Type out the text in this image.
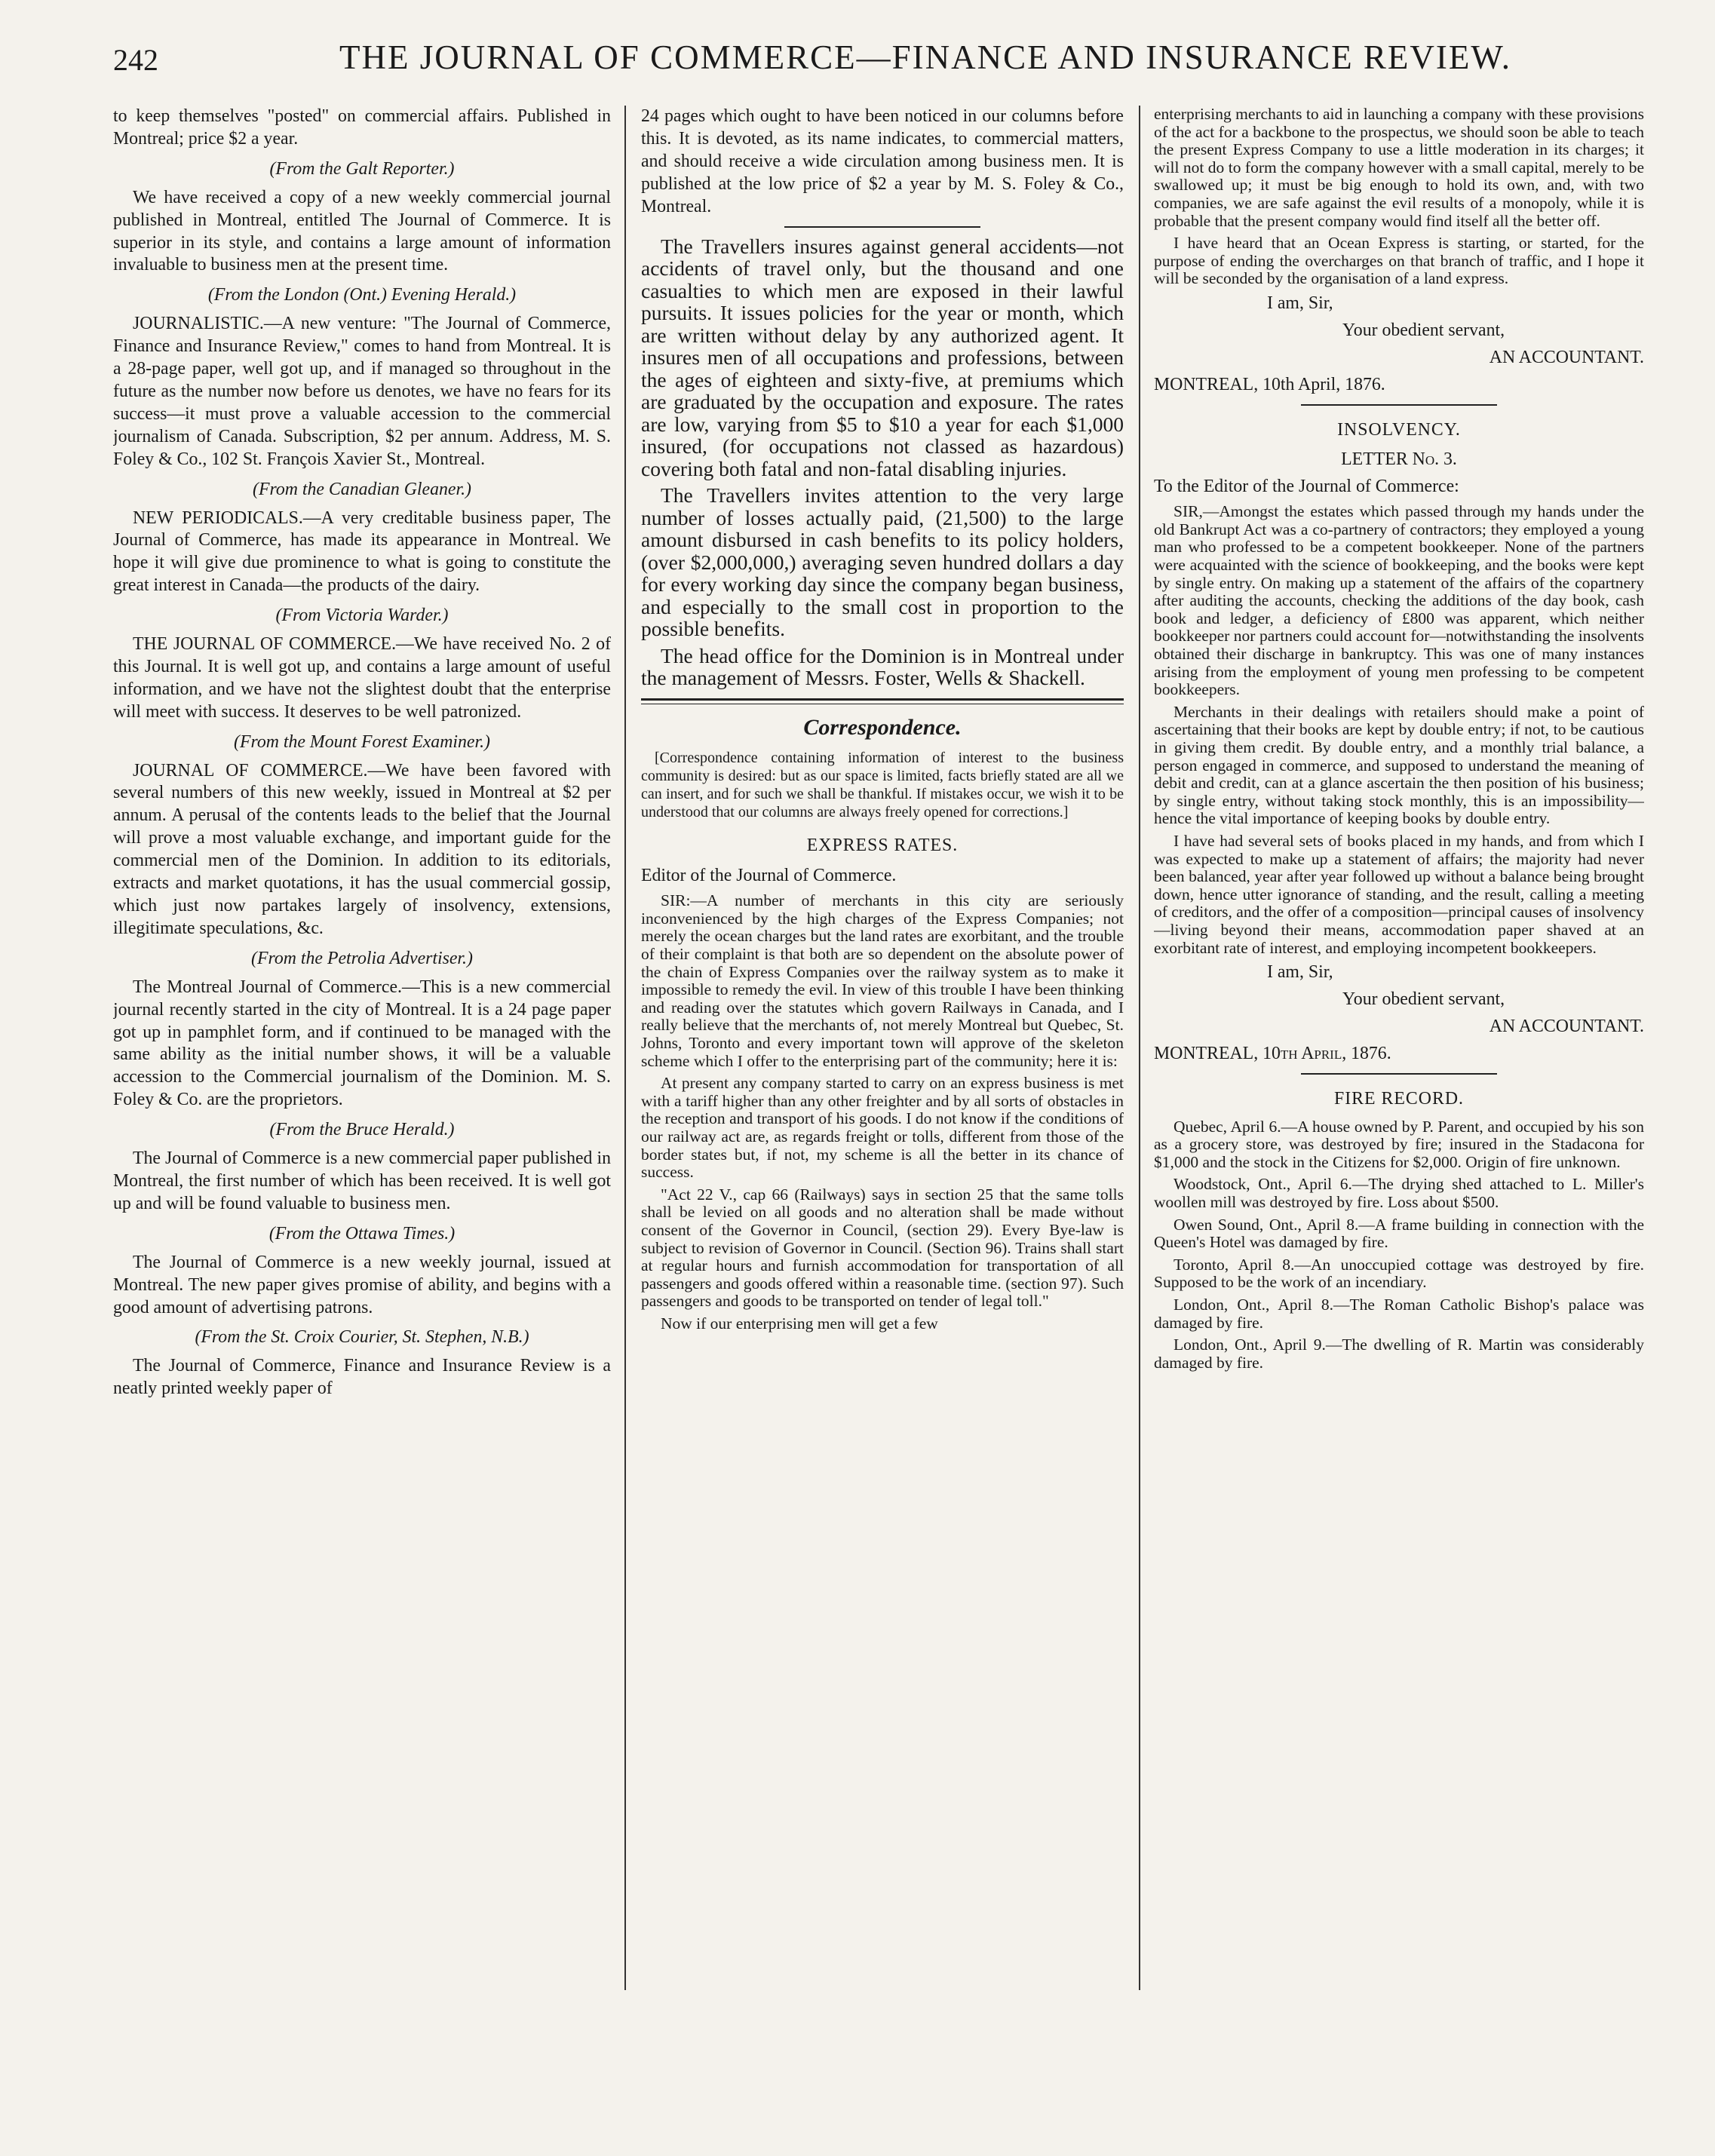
242	THE JOURNAL OF COMMERCE—FINANCE AND INSURANCE REVIEW.

to keep themselves "posted" on commercial affairs. Published in Montreal; price $2 a year.

(From the Galt Reporter.)

We have received a copy of a new weekly commercial journal published in Montreal, entitled The Journal of Commerce. It is superior in its style, and contains a large amount of information invaluable to business men at the present time.

(From the London (Ont.) Evening Herald.)

JOURNALISTIC.—A new venture: "The Journal of Commerce, Finance and Insurance Review," comes to hand from Montreal. It is a 28-page paper, well got up, and if managed so throughout in the future as the number now before us denotes, we have no fears for its success—it must prove a valuable accession to the commercial journalism of Canada. Subscription, $2 per annum. Address, M. S. Foley & Co., 102 St. François Xavier St., Montreal.

(From the Canadian Gleaner.)

NEW PERIODICALS.—A very creditable business paper, The Journal of Commerce, has made its appearance in Montreal. We hope it will give due prominence to what is going to constitute the great interest in Canada—the products of the dairy.

(From Victoria Warder.)

THE JOURNAL OF COMMERCE.—We have received No. 2 of this Journal. It is well got up, and contains a large amount of useful information, and we have not the slightest doubt that the enterprise will meet with success. It deserves to be well patronized.

(From the Mount Forest Examiner.)

JOURNAL OF COMMERCE.—We have been favored with several numbers of this new weekly, issued in Montreal at $2 per annum. A perusal of the contents leads to the belief that the Journal will prove a most valuable exchange, and important guide for the commercial men of the Dominion. In addition to its editorials, extracts and market quotations, it has the usual commercial gossip, which just now partakes largely of insolvency, extensions, illegitimate speculations, &c.

(From the Petrolia Advertiser.)

The Montreal Journal of Commerce.—This is a new commercial journal recently started in the city of Montreal. It is a 24 page paper got up in pamphlet form, and if continued to be managed with the same ability as the initial number shows, it will be a valuable accession to the Commercial journalism of the Dominion. M. S. Foley & Co. are the proprietors.

(From the Bruce Herald.)

The Journal of Commerce is a new commercial paper published in Montreal, the first number of which has been received. It is well got up and will be found valuable to business men.

(From the Ottawa Times.)

The Journal of Commerce is a new weekly journal, issued at Montreal. The new paper gives promise of ability, and begins with a good amount of advertising patrons.

(From the St. Croix Courier, St. Stephen, N.B.)

The Journal of Commerce, Finance and Insurance Review is a neatly printed weekly paper of

24 pages which ought to have been noticed in our columns before this. It is devoted, as its name indicates, to commercial matters, and should receive a wide circulation among business men. It is published at the low price of $2 a year by M. S. Foley & Co., Montreal.

The Travellers insures against general accidents—not accidents of travel only, but the thousand and one casualties to which men are exposed in their lawful pursuits. It issues policies for the year or month, which are written without delay by any authorized agent. It insures men of all occupations and professions, between the ages of eighteen and sixty-five, at premiums which are graduated by the occupation and exposure. The rates are low, varying from $5 to $10 a year for each $1,000 insured, (for occupations not classed as hazardous) covering both fatal and non-fatal disabling injuries.

The Travellers invites attention to the very large number of losses actually paid, (21,500) to the large amount disbursed in cash benefits to its policy holders, (over $2,000,000,) averaging seven hundred dollars a day for every working day since the company began business, and especially to the small cost in proportion to the possible benefits.

The head office for the Dominion is in Montreal under the management of Messrs. Foster, Wells & Shackell.

Correspondence.

[Correspondence containing information of interest to the business community is desired: but as our space is limited, facts briefly stated are all we can insert, and for such we shall be thankful. If mistakes occur, we wish it to be understood that our columns are always freely opened for corrections.]

EXPRESS RATES.

Editor of the Journal of Commerce.

SIR:—A number of merchants in this city are seriously inconvenienced by the high charges of the Express Companies; not merely the ocean charges but the land rates are exorbitant, and the trouble of their complaint is that both are so dependent on the absolute power of the chain of Express Companies over the railway system as to make it impossible to remedy the evil. In view of this trouble I have been thinking and reading over the statutes which govern Railways in Canada, and I really believe that the merchants of, not merely Montreal but Quebec, St. Johns, Toronto and every important town will approve of the skeleton scheme which I offer to the enterprising part of the community; here it is:

At present any company started to carry on an express business is met with a tariff higher than any other freighter and by all sorts of obstacles in the reception and transport of his goods. I do not know if the conditions of our railway act are, as regards freight or tolls, different from those of the border states but, if not, my scheme is all the better in its chance of success.

"Act 22 V., cap 66 (Railways) says in section 25 that the same tolls shall be levied on all goods and no alteration shall be made without consent of the Governor in Council, (section 29). Every Bye-law is subject to revision of Governor in Council. (Section 96). Trains shall start at regular hours and furnish accommodation for transportation of all passengers and goods offered within a reasonable time. (section 97). Such passengers and goods to be transported on tender of legal toll."

Now if our enterprising men will get a few

enterprising merchants to aid in launching a company with these provisions of the act for a backbone to the prospectus, we should soon be able to teach the present Express Company to use a little moderation in its charges; it will not do to form the company however with a small capital, merely to be swallowed up; it must be big enough to hold its own, and, with two companies, we are safe against the evil results of a monopoly, while it is probable that the present company would find itself all the better off.

I have heard that an Ocean Express is starting, or started, for the purpose of ending the overcharges on that branch of traffic, and I hope it will be seconded by the organisation of a land express.

I am, Sir,

Your obedient servant,

AN ACCOUNTANT.

MONTREAL, 10th April, 1876.

INSOLVENCY.

LETTER No. 3.

To the Editor of the Journal of Commerce:

SIR,—Amongst the estates which passed through my hands under the old Bankrupt Act was a co-partnery of contractors; they employed a young man who professed to be a competent bookkeeper. None of the partners were acquainted with the science of bookkeeping, and the books were kept by single entry. On making up a statement of the affairs of the copartnery after auditing the accounts, checking the additions of the day book, cash book and ledger, a deficiency of £800 was apparent, which neither bookkeeper nor partners could account for—notwithstanding the insolvents obtained their discharge in bankruptcy. This was one of many instances arising from the employment of young men professing to be competent bookkeepers.

Merchants in their dealings with retailers should make a point of ascertaining that their books are kept by double entry; if not, to be cautious in giving them credit. By double entry, and a monthly trial balance, a person engaged in commerce, and supposed to understand the meaning of debit and credit, can at a glance ascertain the then position of his business; by single entry, without taking stock monthly, this is an impossibility—hence the vital importance of keeping books by double entry.

I have had several sets of books placed in my hands, and from which I was expected to make up a statement of affairs; the majority had never been balanced, year after year followed up without a balance being brought down, hence utter ignorance of standing, and the result, calling a meeting of creditors, and the offer of a composition—principal causes of insolvency—living beyond their means, accommodation paper shaved at an exorbitant rate of interest, and employing incompetent bookkeepers.

I am, Sir,

Your obedient servant,

AN ACCOUNTANT.

MONTREAL, 10th April, 1876.

FIRE RECORD.

Quebec, April 6.—A house owned by P. Parent, and occupied by his son as a grocery store, was destroyed by fire; insured in the Stadacona for $1,000 and the stock in the Citizens for $2,000. Origin of fire unknown.

Woodstock, Ont., April 6.—The drying shed attached to L. Miller's woollen mill was destroyed by fire. Loss about $500.

Owen Sound, Ont., April 8.—A frame building in connection with the Queen's Hotel was damaged by fire.

Toronto, April 8.—An unoccupied cottage was destroyed by fire. Supposed to be the work of an incendiary.

London, Ont., April 8.—The Roman Catholic Bishop's palace was damaged by fire.

London, Ont., April 9.—The dwelling of R. Martin was considerably damaged by fire.
